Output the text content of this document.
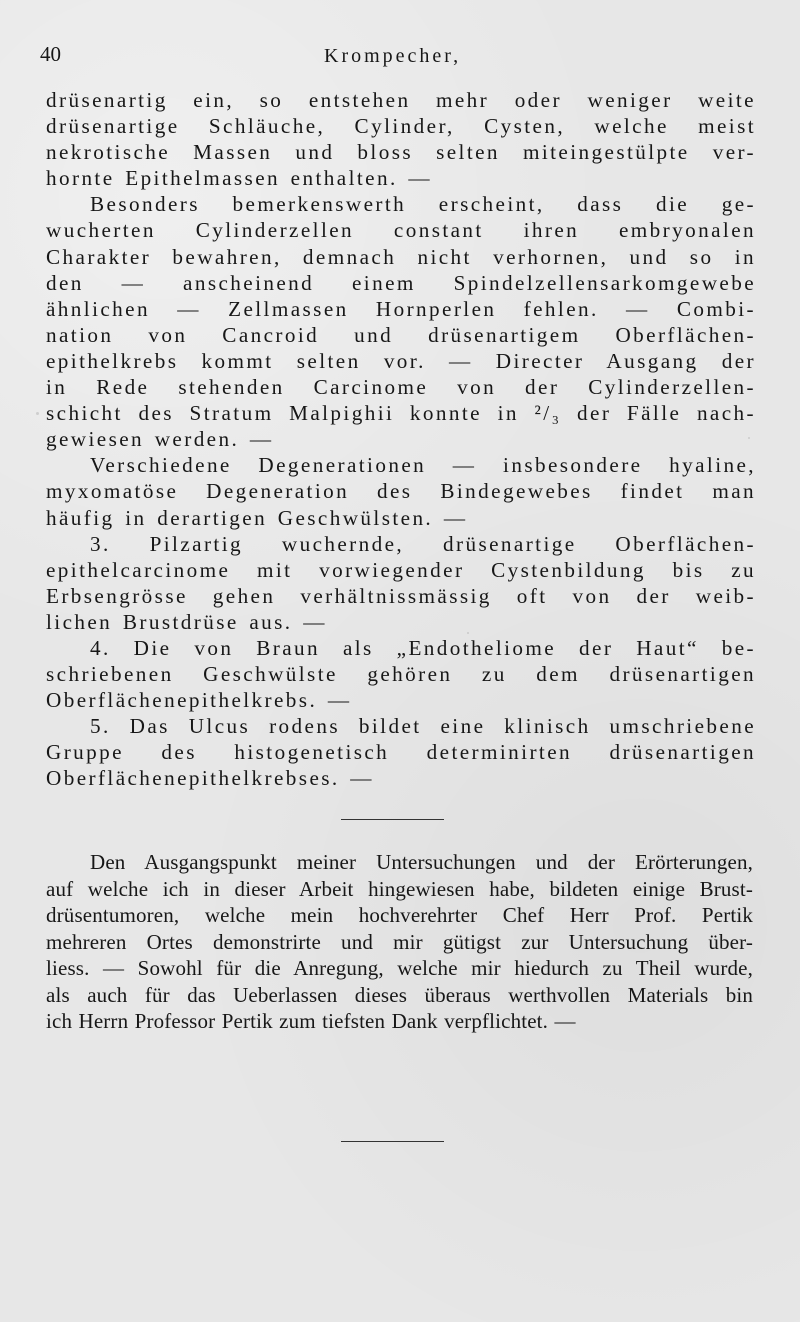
40	Krompecher,
drüsenartig ein, so entstehen mehr oder weniger weite
drüsenartige Schläuche, Cylinder, Cysten, welche meist
nekrotische Massen und bloss selten miteingestülpte ver-
hornte Epithelmassen enthalten. —
Besonders bemerkenswerth erscheint, dass die ge-
wucherten Cylinderzellen constant ihren embryonalen
Charakter bewahren, demnach nicht verhornen, und so in
den — anscheinend einem Spindelzellensarkomgewebe
ähnlichen — Zellmassen Hornperlen fehlen. — Combi-
nation von Cancroid und drüsenartigem Oberflächen-
epithelkrebs kommt selten vor. — Directer Ausgang der
in Rede stehenden Carcinome von der Cylinderzellen-
schicht des Stratum Malpighii konnte in ²/₃ der Fälle nach-
gewiesen werden. —
Verschiedene Degenerationen — insbesondere hyaline,
myxomatöse Degeneration des Bindegewebes findet man
häufig in derartigen Geschwülsten. —
3. Pilzartig wuchernde, drüsenartige Oberflächen-
epithelcarcinome mit vorwiegender Cystenbildung bis zu
Erbsengrösse gehen verhältnissmässig oft von der weib-
lichen Brustdrüse aus. —
4. Die von Braun als „Endotheliome der Haut“ be-
schriebenen Geschwülste gehören zu dem drüsenartigen
Oberflächenepithelkrebs. —
5. Das Ulcus rodens bildet eine klinisch umschriebene
Gruppe des histogenetisch determinirten drüsenartigen
Oberflächenepithelkrebses. —
Den Ausgangspunkt meiner Untersuchungen und der Erörterungen,
auf welche ich in dieser Arbeit hingewiesen habe, bildeten einige Brust-
drüsentumoren, welche mein hochverehrter Chef Herr Prof. Pertik
mehreren Ortes demonstrirte und mir gütigst zur Untersuchung über-
liess. — Sowohl für die Anregung, welche mir hiedurch zu Theil wurde,
als auch für das Ueberlassen dieses überaus werthvollen Materials bin
ich Herrn Professor Pertik zum tiefsten Dank verpflichtet. —
